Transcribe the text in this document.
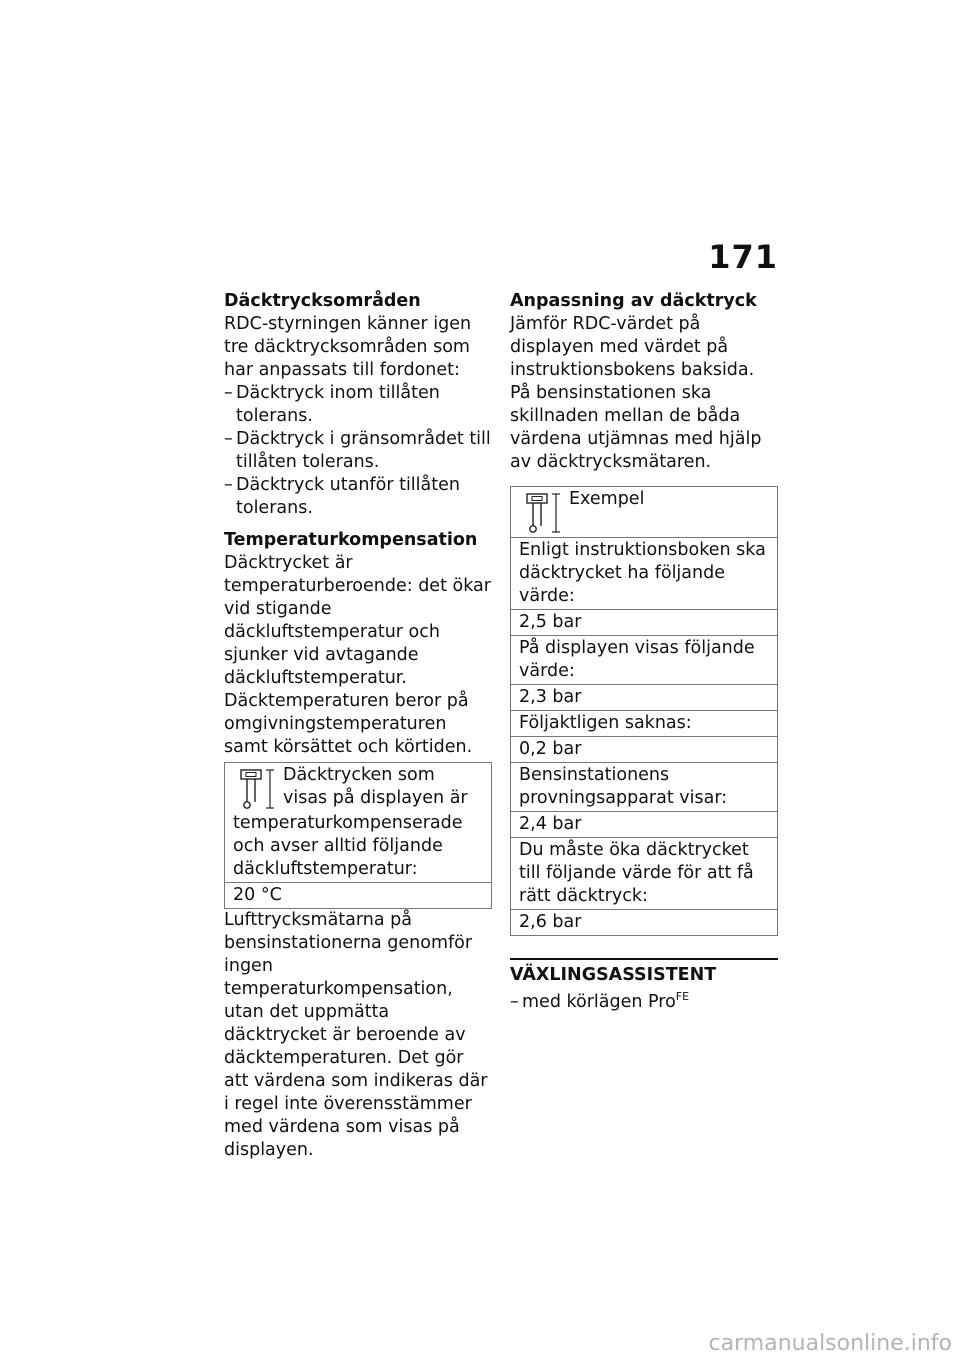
171

Däcktrycksområden

RDC-styrningen känner igen tre däcktrycksområden som har anpassats till fordonet:

– Däcktryck inom tillåten tolerans.
– Däcktryck i gränsområdet till tillåten tolerans.
– Däcktryck utanför tillåten tolerans.

Temperaturkompensation

Däcktrycket är temperaturberoende: det ökar vid stigande däckluftstemperatur och sjunker vid avtagande däckluftstemperatur. Däcktemperaturen beror på omgivningstemperaturen samt körsättet och körtiden.

Däcktrycken som visas på displayen är temperaturkompenserade och avser alltid följande däckluftstemperatur:
20 °C

Lufttrycksmätarna på bensinstationerna genomför ingen temperaturkompensation, utan det uppmätta däcktrycket är beroende av däcktemperaturen. Det gör att värdena som indikeras där i regel inte överensstämmer med värdena som visas på displayen.

Anpassning av däcktryck

Jämför RDC-värdet på displayen med värdet på instruktionsbokens baksida. På bensinstationen ska skillnaden mellan de båda värdena utjämnas med hjälp av däcktrycksmätaren.

Exempel
Enligt instruktionsboken ska däcktrycket ha följande värde:
2,5 bar
På displayen visas följande värde:
2,3 bar
Följaktligen saknas:
0,2 bar
Bensinstationens provningsapparat visar:
2,4 bar
Du måste öka däcktrycket till följande värde för att få rätt däcktryck:
2,6 bar
VÄXLINGSASSISTENT
– med körlägen Pro$^{FE}$
carmanualsonline.info
